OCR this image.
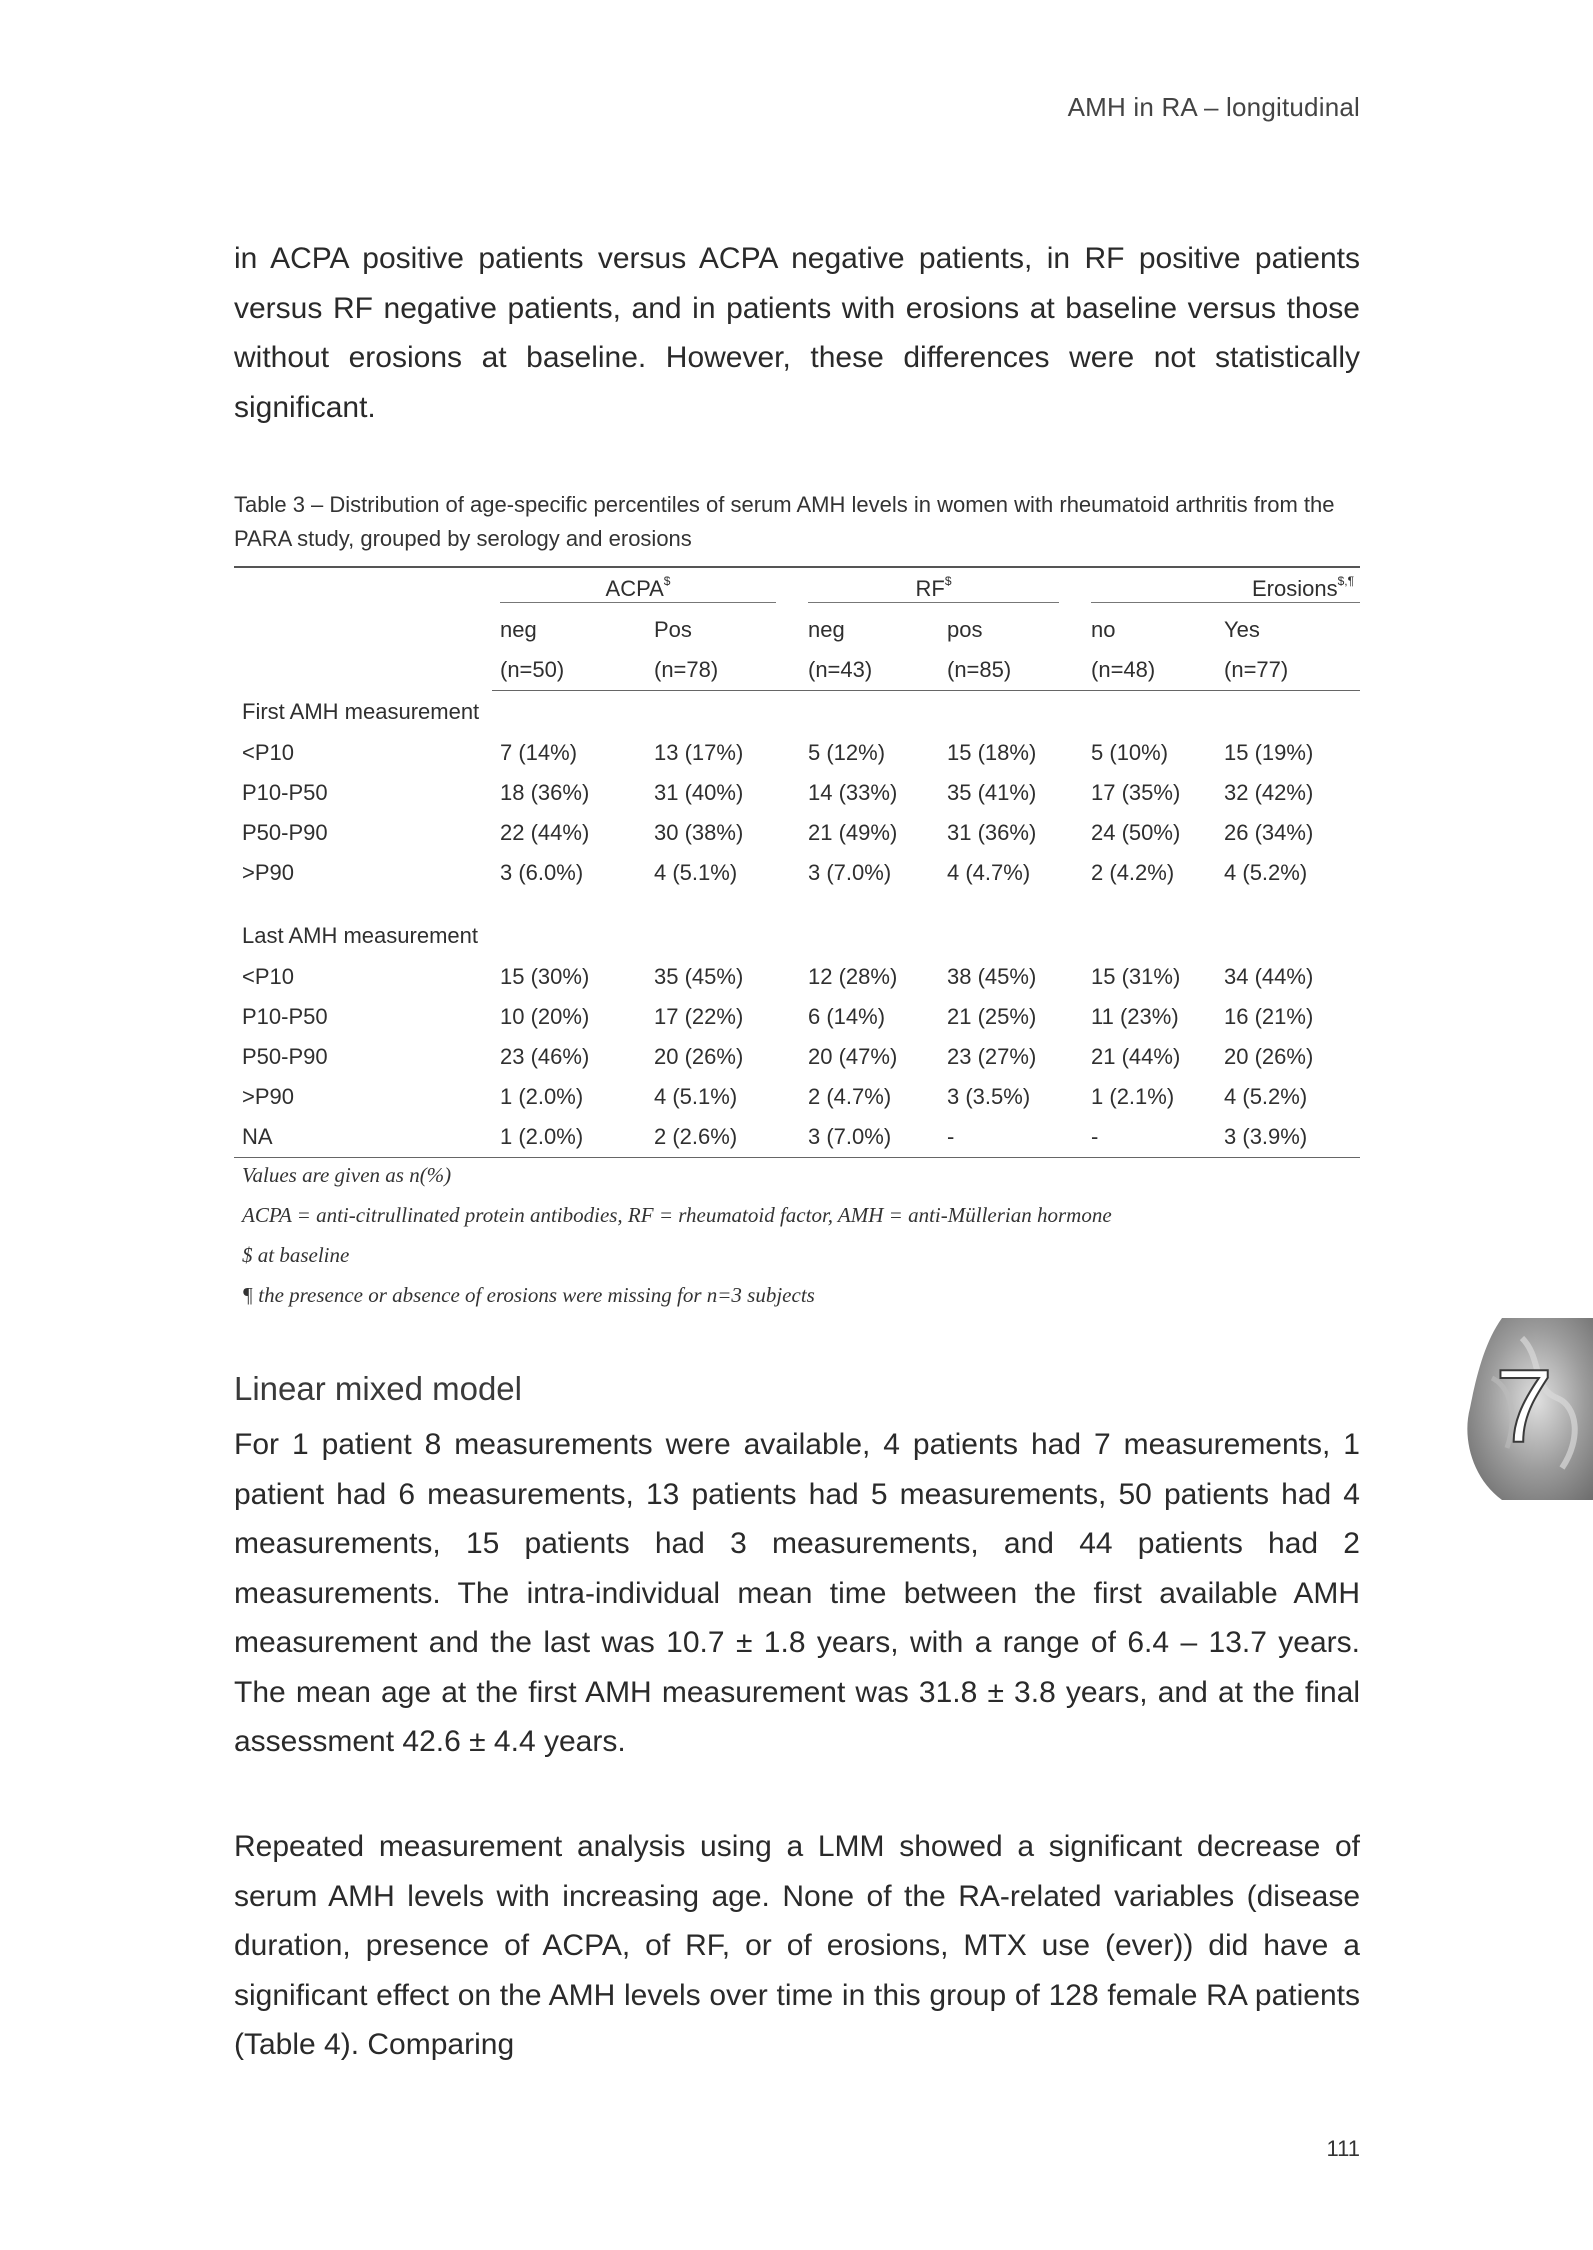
AMH in RA – longitudinal

in ACPA positive patients versus ACPA negative patients, in RF positive patients versus RF negative patients, and in patients with erosions at baseline versus those without erosions at baseline. However, these differences were not statistically significant.

Table 3 – Distribution of age-specific percentiles of serum AMH levels in women with rheumatoid arthritis from the PARA study, grouped by serology and erosions

	ACPA$		RF$		Erosions$,¶

	neg	Pos	neg	pos	no	Yes
	(n=50)	(n=78)	(n=43)	(n=85)	(n=48)	(n=77)
First AMH measurement						
<P10	7 (14%)	13 (17%)	5 (12%)	15 (18%)	5 (10%)	15 (19%)
P10-P50	18 (36%)	31 (40%)	14 (33%)	35 (41%)	17 (35%)	32 (42%)
P50-P90	22 (44%)	30 (38%)	21 (49%)	31 (36%)	24 (50%)	26 (34%)
>P90	3 (6.0%)	4 (5.1%)	3 (7.0%)	4 (4.7%)	2 (4.2%)	4 (5.2%)

Last AMH measurement						
<P10	15 (30%)	35 (45%)	12 (28%)	38 (45%)	15 (31%)	34 (44%)
P10-P50	10 (20%)	17 (22%)	6 (14%)	21 (25%)	11 (23%)	16 (21%)
P50-P90	23 (46%)	20 (26%)	20 (47%)	23 (27%)	21 (44%)	20 (26%)
>P90	1 (2.0%)	4 (5.1%)	2 (4.7%)	3 (3.5%)	1 (2.1%)	4 (5.2%)
NA	1 (2.0%)	2 (2.6%)	3 (7.0%)	-	-	3 (3.9%)
Values are given as n(%)
ACPA = anti-citrullinated protein antibodies, RF = rheumatoid factor, AMH = anti-Müllerian hormone
$ at baseline
¶ the presence or absence of erosions were missing for n=3 subjects
7
Linear mixed model

For 1 patient 8 measurements were available, 4 patients had 7 measurements, 1 patient had 6 measurements, 13 patients had 5 measurements, 50 patients had 4 measurements, 15 patients had 3 measurements, and 44 patients had 2 measurements. The intra-individual mean time between the first available AMH measurement and the last was 10.7 ± 1.8 years, with a range of 6.4 – 13.7 years. The mean age at the first AMH measurement was 31.8 ± 3.8 years, and at the final assessment 42.6 ± 4.4 years.

Repeated measurement analysis using a LMM showed a significant decrease of serum AMH levels with increasing age. None of the RA-related variables (disease duration, presence of ACPA, of RF, or of erosions, MTX use (ever)) did have a significant effect on the AMH levels over time in this group of 128 female RA patients (Table 4). Comparing

111
